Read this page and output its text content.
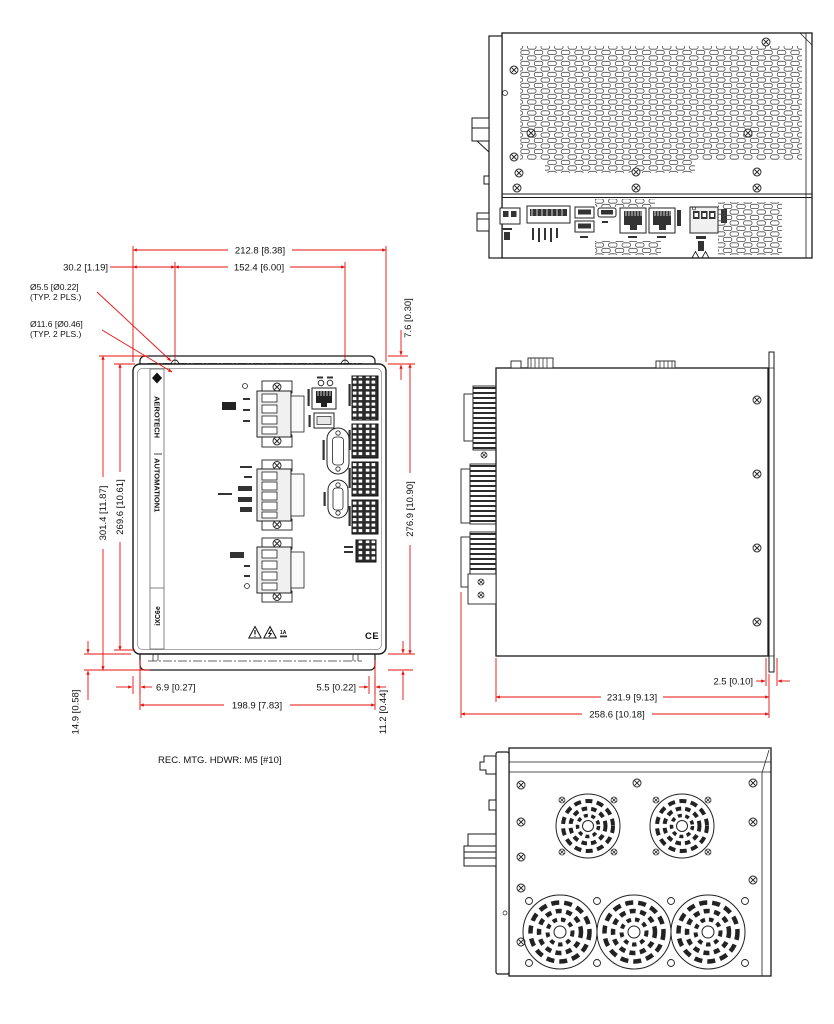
AEROTECH
AUTOMATION1
iXC6e
1A	CE
212.8 [8.38]
30.2 [1.19]	152.4 [6.00]
Ø5.5 [Ø0.22]
(TYP. 2 PLS.)
Ø11.6 [Ø0.46]
(TYP. 2 PLS.)	7.6 [0.30]
301.4 [11.87] 269.6 [10.61]	276.9 [10.90]
6.9 [0.27]	5.5 [0.22]
198.9 [7.83]
14.9 [0.58]	11.2 [0.44]
REC. MTG. HDWR: M5 [#10]
2.5 [0.10]
231.9 [9.13]
258.6 [10.18]
